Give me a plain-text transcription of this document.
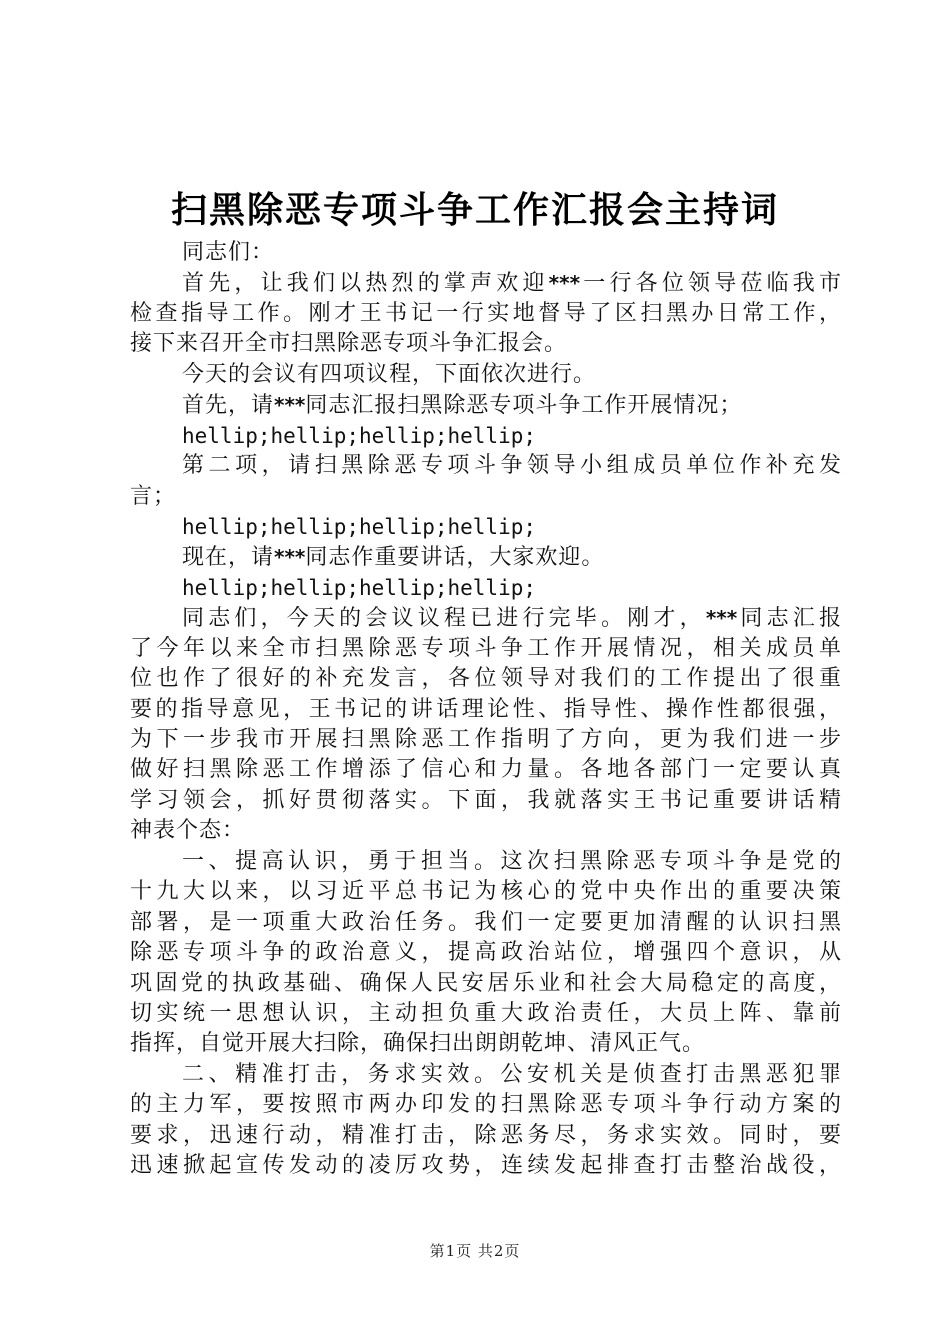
扫黑除恶专项斗争工作汇报会主持词
同志们：
首先，让我们以热烈的掌声欢迎***一行各位领导莅临我市
检查指导工作。刚才王书记一行实地督导了区扫黑办日常工作，
接下来召开全市扫黑除恶专项斗争汇报会。
今天的会议有四项议程，下面依次进行。
首先，请***同志汇报扫黑除恶专项斗争工作开展情况；
hellip;hellip;hellip;hellip;
第二项，请扫黑除恶专项斗争领导小组成员单位作补充发
言；
hellip;hellip;hellip;hellip;
现在，请***同志作重要讲话，大家欢迎。
hellip;hellip;hellip;hellip;
同志们，今天的会议议程已进行完毕。刚才，***同志汇报
了今年以来全市扫黑除恶专项斗争工作开展情况，相关成员单
位也作了很好的补充发言，各位领导对我们的工作提出了很重
要的指导意见，王书记的讲话理论性、指导性、操作性都很强，
为下一步我市开展扫黑除恶工作指明了方向，更为我们进一步
做好扫黑除恶工作增添了信心和力量。各地各部门一定要认真
学习领会，抓好贯彻落实。下面，我就落实王书记重要讲话精
神表个态：
一、提高认识，勇于担当。这次扫黑除恶专项斗争是党的
十九大以来，以习近平总书记为核心的党中央作出的重要决策
部署，是一项重大政治任务。我们一定要更加清醒的认识扫黑
除恶专项斗争的政治意义，提高政治站位，增强四个意识，从
巩固党的执政基础、确保人民安居乐业和社会大局稳定的高度，
切实统一思想认识，主动担负重大政治责任，大员上阵、靠前
指挥，自觉开展大扫除，确保扫出朗朗乾坤、清风正气。
二、精准打击，务求实效。公安机关是侦查打击黑恶犯罪
的主力军，要按照市两办印发的扫黑除恶专项斗争行动方案的
要求，迅速行动，精准打击，除恶务尽，务求实效。同时，要
迅速掀起宣传发动的凌厉攻势，连续发起排查打击整治战役，
第1页 共2页
